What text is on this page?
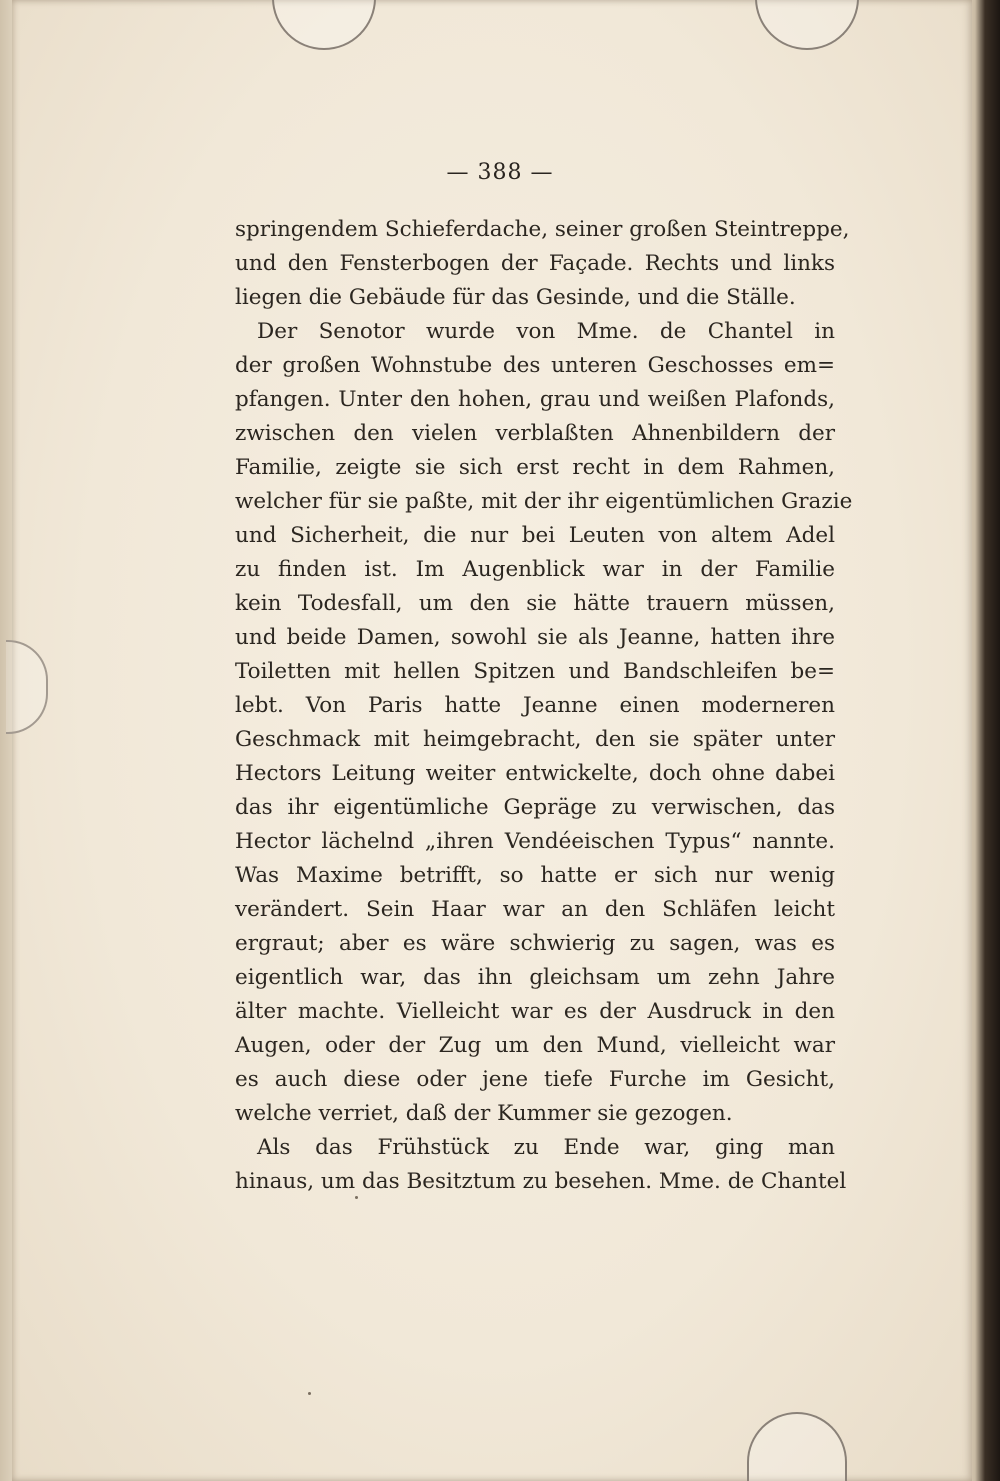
— 388 —
springendem Schieferdache, seiner großen Steintreppe,
und den Fensterbogen der Façade. Rechts und links
liegen die Gebäude für das Gesinde, und die Ställe.
Der Senotor wurde von Mme. de Chantel in
der großen Wohnstube des unteren Geschosses em=
pfangen. Unter den hohen, grau und weißen Plafonds,
zwischen den vielen verblaßten Ahnenbildern der
Familie, zeigte sie sich erst recht in dem Rahmen,
welcher für sie paßte, mit der ihr eigentümlichen Grazie
und Sicherheit, die nur bei Leuten von altem Adel
zu finden ist. Im Augenblick war in der Familie
kein Todesfall, um den sie hätte trauern müssen,
und beide Damen, sowohl sie als Jeanne, hatten ihre
Toiletten mit hellen Spitzen und Bandschleifen be=
lebt. Von Paris hatte Jeanne einen moderneren
Geschmack mit heimgebracht, den sie später unter
Hectors Leitung weiter entwickelte, doch ohne dabei
das ihr eigentümliche Gepräge zu verwischen, das
Hector lächelnd „ihren Vendéeischen Typus“ nannte.
Was Maxime betrifft, so hatte er sich nur wenig
verändert. Sein Haar war an den Schläfen leicht
ergraut; aber es wäre schwierig zu sagen, was es
eigentlich war, das ihn gleichsam um zehn Jahre
älter machte. Vielleicht war es der Ausdruck in den
Augen, oder der Zug um den Mund, vielleicht war
es auch diese oder jene tiefe Furche im Gesicht,
welche verriet, daß der Kummer sie gezogen.
Als das Frühstück zu Ende war, ging man
hinaus, um das Besitztum zu besehen. Mme. de Chantel
